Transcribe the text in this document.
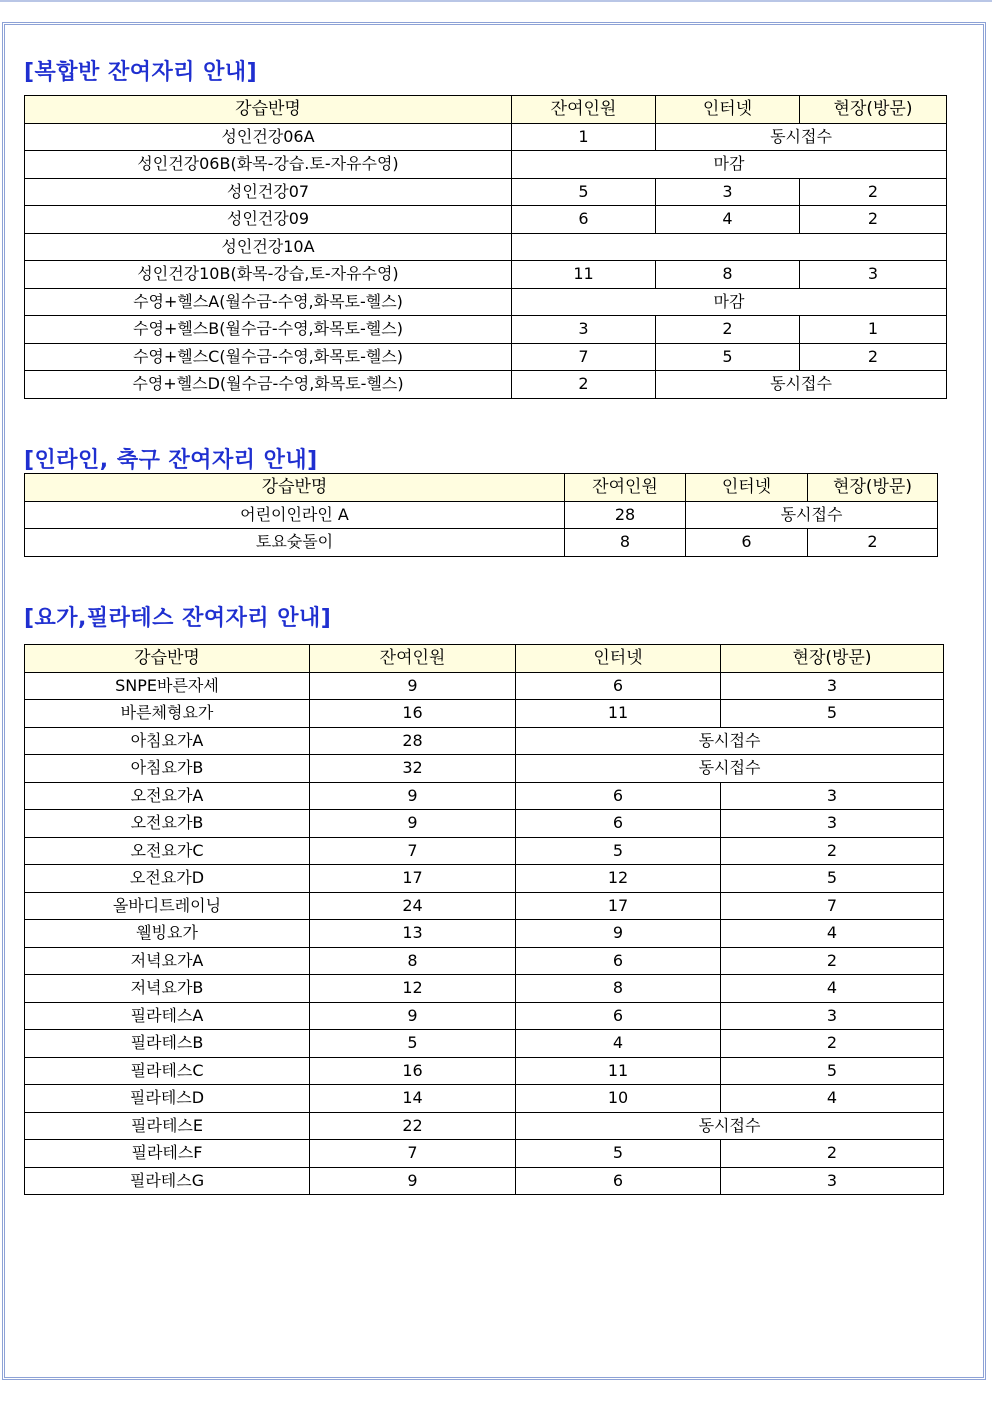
[복합반 잔여자리 안내]
강습반명	잔여인원	인터넷	현장(방문)
성인건강06A	1	동시접수	
성인건강06B(화목-강습.토-자유수영)	마감		
성인건강07	5	3	2
성인건강09	6	4	2
성인건강10A			
성인건강10B(화목-강습,토-자유수영)	11	8	3
수영+헬스A(월수금-수영,화목토-헬스)	마감		
수영+헬스B(월수금-수영,화목토-헬스)	3	2	1
수영+헬스C(월수금-수영,화목토-헬스)	7	5	2
수영+헬스D(월수금-수영,화목토-헬스)	2	동시접수	
[인라인, 축구 잔여자리 안내]
강습반명	잔여인원	인터넷	현장(방문)
어린이인라인 A	28	동시접수	
토요슛돌이	8	6	2
[요가,필라테스 잔여자리 안내]
강습반명	잔여인원	인터넷	현장(방문)
SNPE바른자세	9	6	3
바른체형요가	16	11	5
아침요가A	28	동시접수	
아침요가B	32	동시접수	
오전요가A	9	6	3
오전요가B	9	6	3
오전요가C	7	5	2
오전요가D	17	12	5
올바디트레이닝	24	17	7
웰빙요가	13	9	4
저녁요가A	8	6	2
저녁요가B	12	8	4
필라테스A	9	6	3
필라테스B	5	4	2
필라테스C	16	11	5
필라테스D	14	10	4
필라테스E	22	동시접수	
필라테스F	7	5	2
필라테스G	9	6	3
